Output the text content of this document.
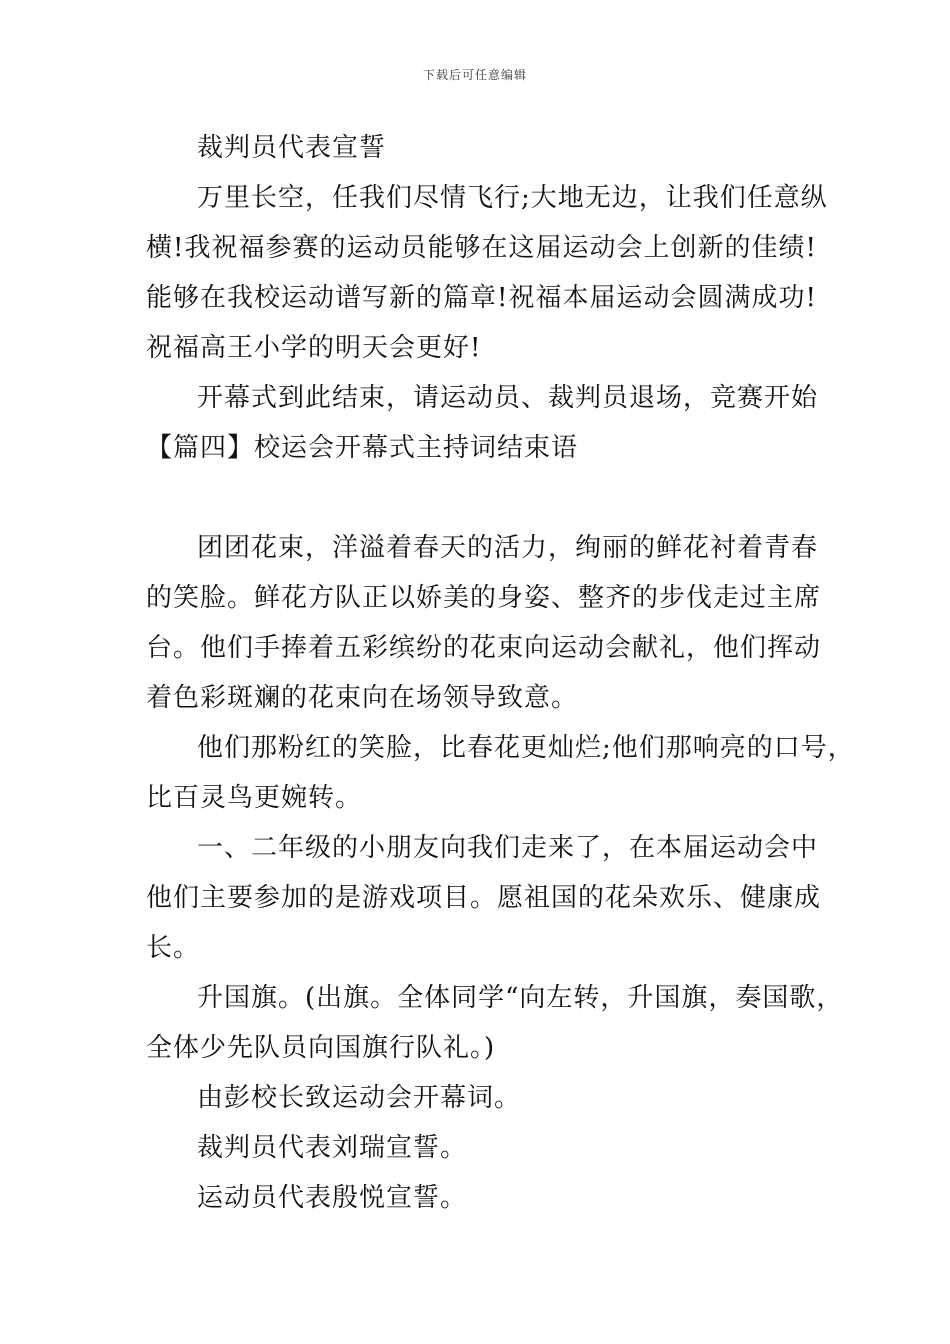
下载后可任意编辑
裁判员代表宣誓
万里长空，任我们尽情飞行;大地无边，让我们任意纵
横!我祝福参赛的运动员能够在这届运动会上创新的佳绩!
能够在我校运动谱写新的篇章!祝福本届运动会圆满成功!
祝福高王小学的明天会更好!
开幕式到此结束，请运动员、裁判员退场，竞赛开始
【篇四】校运会开幕式主持词结束语
团团花束，洋溢着春天的活力，绚丽的鲜花衬着青春
的笑脸。鲜花方队正以娇美的身姿、整齐的步伐走过主席
台。他们手捧着五彩缤纷的花束向运动会献礼，他们挥动
着色彩斑斓的花束向在场领导致意。
他们那粉红的笑脸，比春花更灿烂;他们那响亮的口号，
比百灵鸟更婉转。
一、二年级的小朋友向我们走来了，在本届运动会中
他们主要参加的是游戏项目。愿祖国的花朵欢乐、健康成
长。
升国旗。(出旗。全体同学“向左转，升国旗，奏国歌，
全体少先队员向国旗行队礼。)
由彭校长致运动会开幕词。
裁判员代表刘瑞宣誓。
运动员代表殷悦宣誓。
